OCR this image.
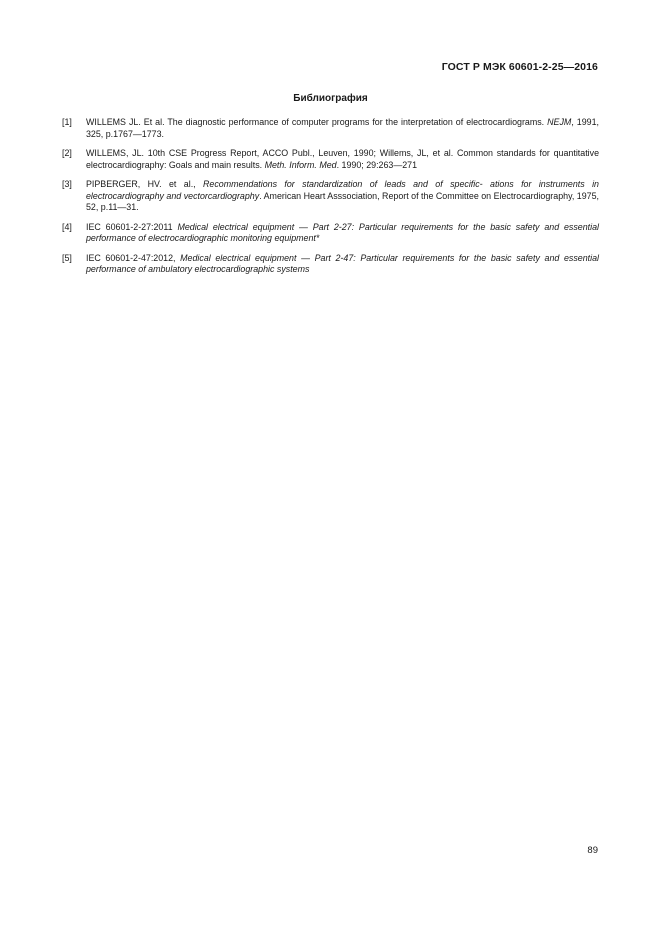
ГОСТ Р МЭК 60601-2-25—2016
Библиография
[1] WILLEMS JL. Et al. The diagnostic performance of computer programs for the interpretation of electrocardiograms. NEJM, 1991, 325, p.1767—1773.
[2] WILLEMS, JL. 10th CSE Progress Report, ACCO Publ., Leuven, 1990; Willems, JL, et al. Common standards for quantitative electrocardiography: Goals and main results. Meth. Inform. Med. 1990; 29:263—271
[3] PIPBERGER, HV. et al., Recommendations for standardization of leads and of specific- ations for instruments in electrocardiography and vectorcardiography. American Heart Asssociation, Report of the Committee on Electrocardiography, 1975, 52, p.11—31.
[4] IEC 60601-2-27:2011 Medical electrical equipment — Part 2-27: Particular requirements for the basic safety and essential performance of electrocardiographic monitoring equipment*
[5] IEC 60601-2-47:2012, Medical electrical equipment — Part 2-47: Particular requirements for the basic safety and essential performance of ambulatory electrocardiographic systems
89
